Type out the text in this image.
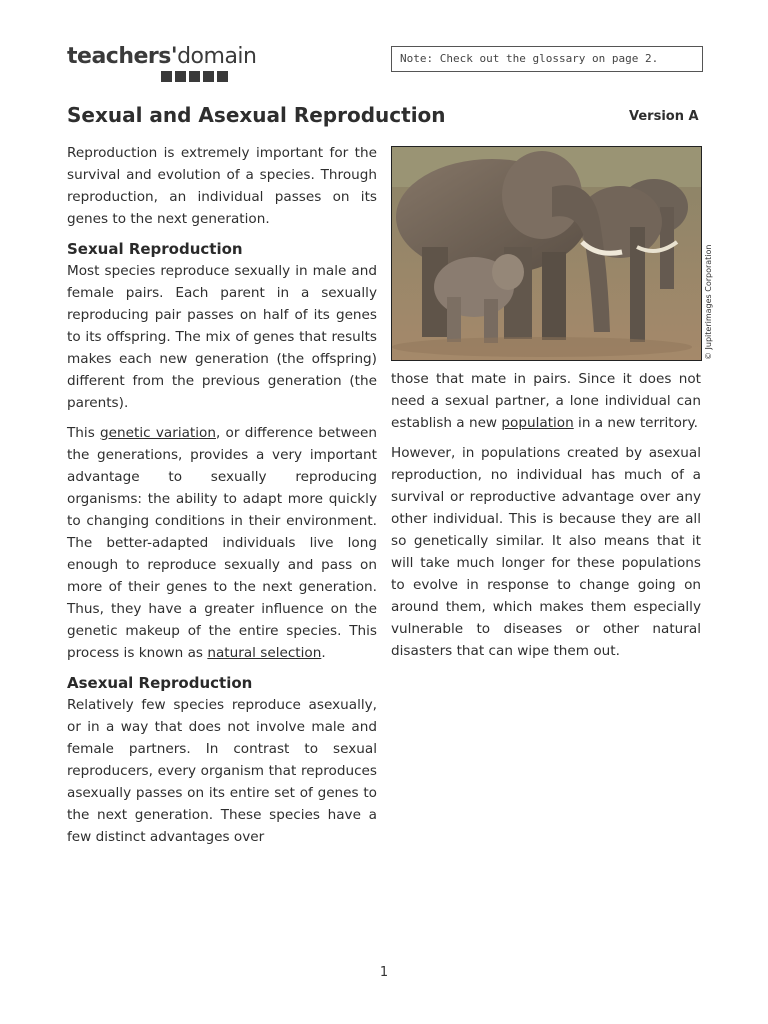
teachers'domain	Note: Check out the glossary on page 2.
Sexual and Asexual Reproduction	Version A

Reproduction is extremely important for the survival and evolution of a species. Through reproduction, an individual passes on its genes to the next generation.

Sexual Reproduction

Most species reproduce sexually in male and female pairs. Each parent in a sexually reproducing pair passes on half of its genes to its offspring. The mix of genes that results makes each new generation (the offspring) different from the previous generation (the parents).

This genetic variation, or difference between the generations, provides a very important advantage to sexually reproducing organisms: the ability to adapt more quickly to changing conditions in their environment. The better-adapted individuals live long enough to reproduce sexually and pass on more of their genes to the next generation. Thus, they have a greater influence on the genetic makeup of the entire species. This process is known as natural selection.

Asexual Reproduction

Relatively few species reproduce asexually, or in a way that does not involve male and female partners. In contrast to sexual reproducers, every organism that reproduces asexually passes on its entire set of genes to the next generation. These species have a few distinct advantages over

© Jupiterimages Corporation

those that mate in pairs. Since it does not need a sexual partner, a lone individual can establish a new population in a new territory.

However, in populations created by asexual reproduction, no individual has much of a survival or reproductive advantage over any other individual. This is because they are all so genetically similar. It also means that it will take much longer for these populations to evolve in response to change going on around them, which makes them especially vulnerable to diseases or other natural disasters that can wipe them out.

1
